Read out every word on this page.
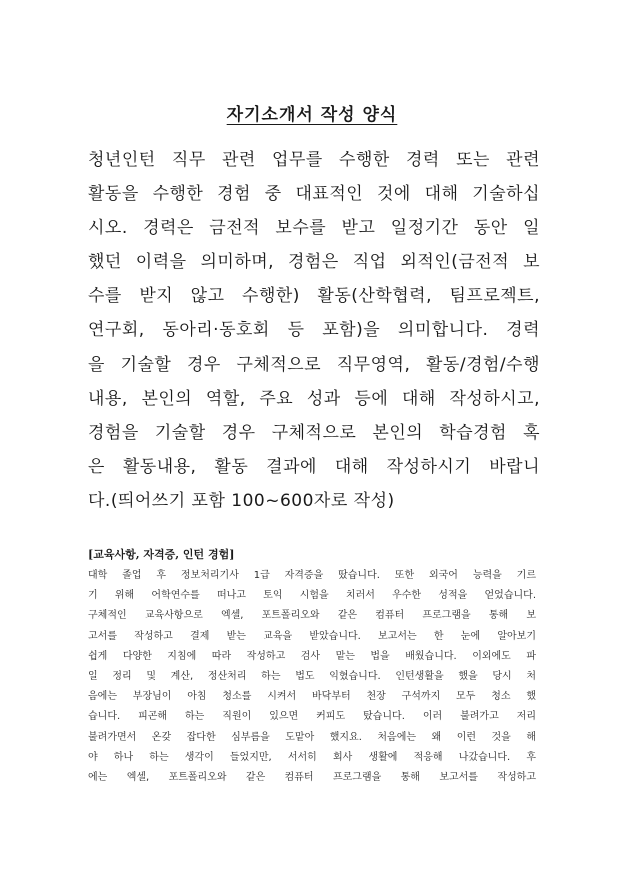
자기소개서 작성 양식
청년인턴 직무 관련 업무를 수행한 경력 또는 관련
활동을 수행한 경험 중 대표적인 것에 대해 기술하십
시오. 경력은 금전적 보수를 받고 일정기간 동안 일
했던 이력을 의미하며, 경험은 직업 외적인(금전적 보
수를 받지 않고 수행한) 활동(산학협력, 팀프로젝트,
연구회, 동아리·동호회 등 포함)을 의미합니다. 경력
을 기술할 경우 구체적으로 직무영역, 활동/경험/수행
내용, 본인의 역할, 주요 성과 등에 대해 작성하시고,
경험을 기술할 경우 구체적으로 본인의 학습경험 혹
은 활동내용, 활동 결과에 대해 작성하시기 바랍니
다.(띄어쓰기 포함 100~600자로 작성)
[교육사항, 자격증, 인턴 경험]
대학 졸업 후 정보처리기사 1급 자격증을 땄습니다. 또한 외국어 능력을 기르
기 위해 어학연수를 떠나고 토익 시험을 치러서 우수한 성적을 얻었습니다.
구체적인 교육사항으로 엑셀, 포트폴리오와 같은 컴퓨터 프로그램을 통해 보
고서를 작성하고 결제 받는 교육을 받았습니다. 보고서는 한 눈에 알아보기
쉽게 다양한 지침에 따라 작성하고 검사 맡는 법을 배웠습니다. 이외에도 파
일 정리 및 계산, 정산처리 하는 법도 익혔습니다. 인턴생활을 했을 당시 처
음에는 부장님이 아침 청소를 시켜서 바닥부터 천장 구석까지 모두 청소 했
습니다. 피곤해 하는 직원이 있으면 커피도 탔습니다. 이러 불려가고 저리
불려가면서 온갖 잡다한 심부름을 도맡아 했지요. 처음에는 왜 이런 것을 해
야 하나 하는 생각이 들었지만, 서서히 회사 생활에 적응해 나갔습니다. 후
에는 엑셀, 포트폴리오와 같은 컴퓨터 프로그램을 통해 보고서를 작성하고
